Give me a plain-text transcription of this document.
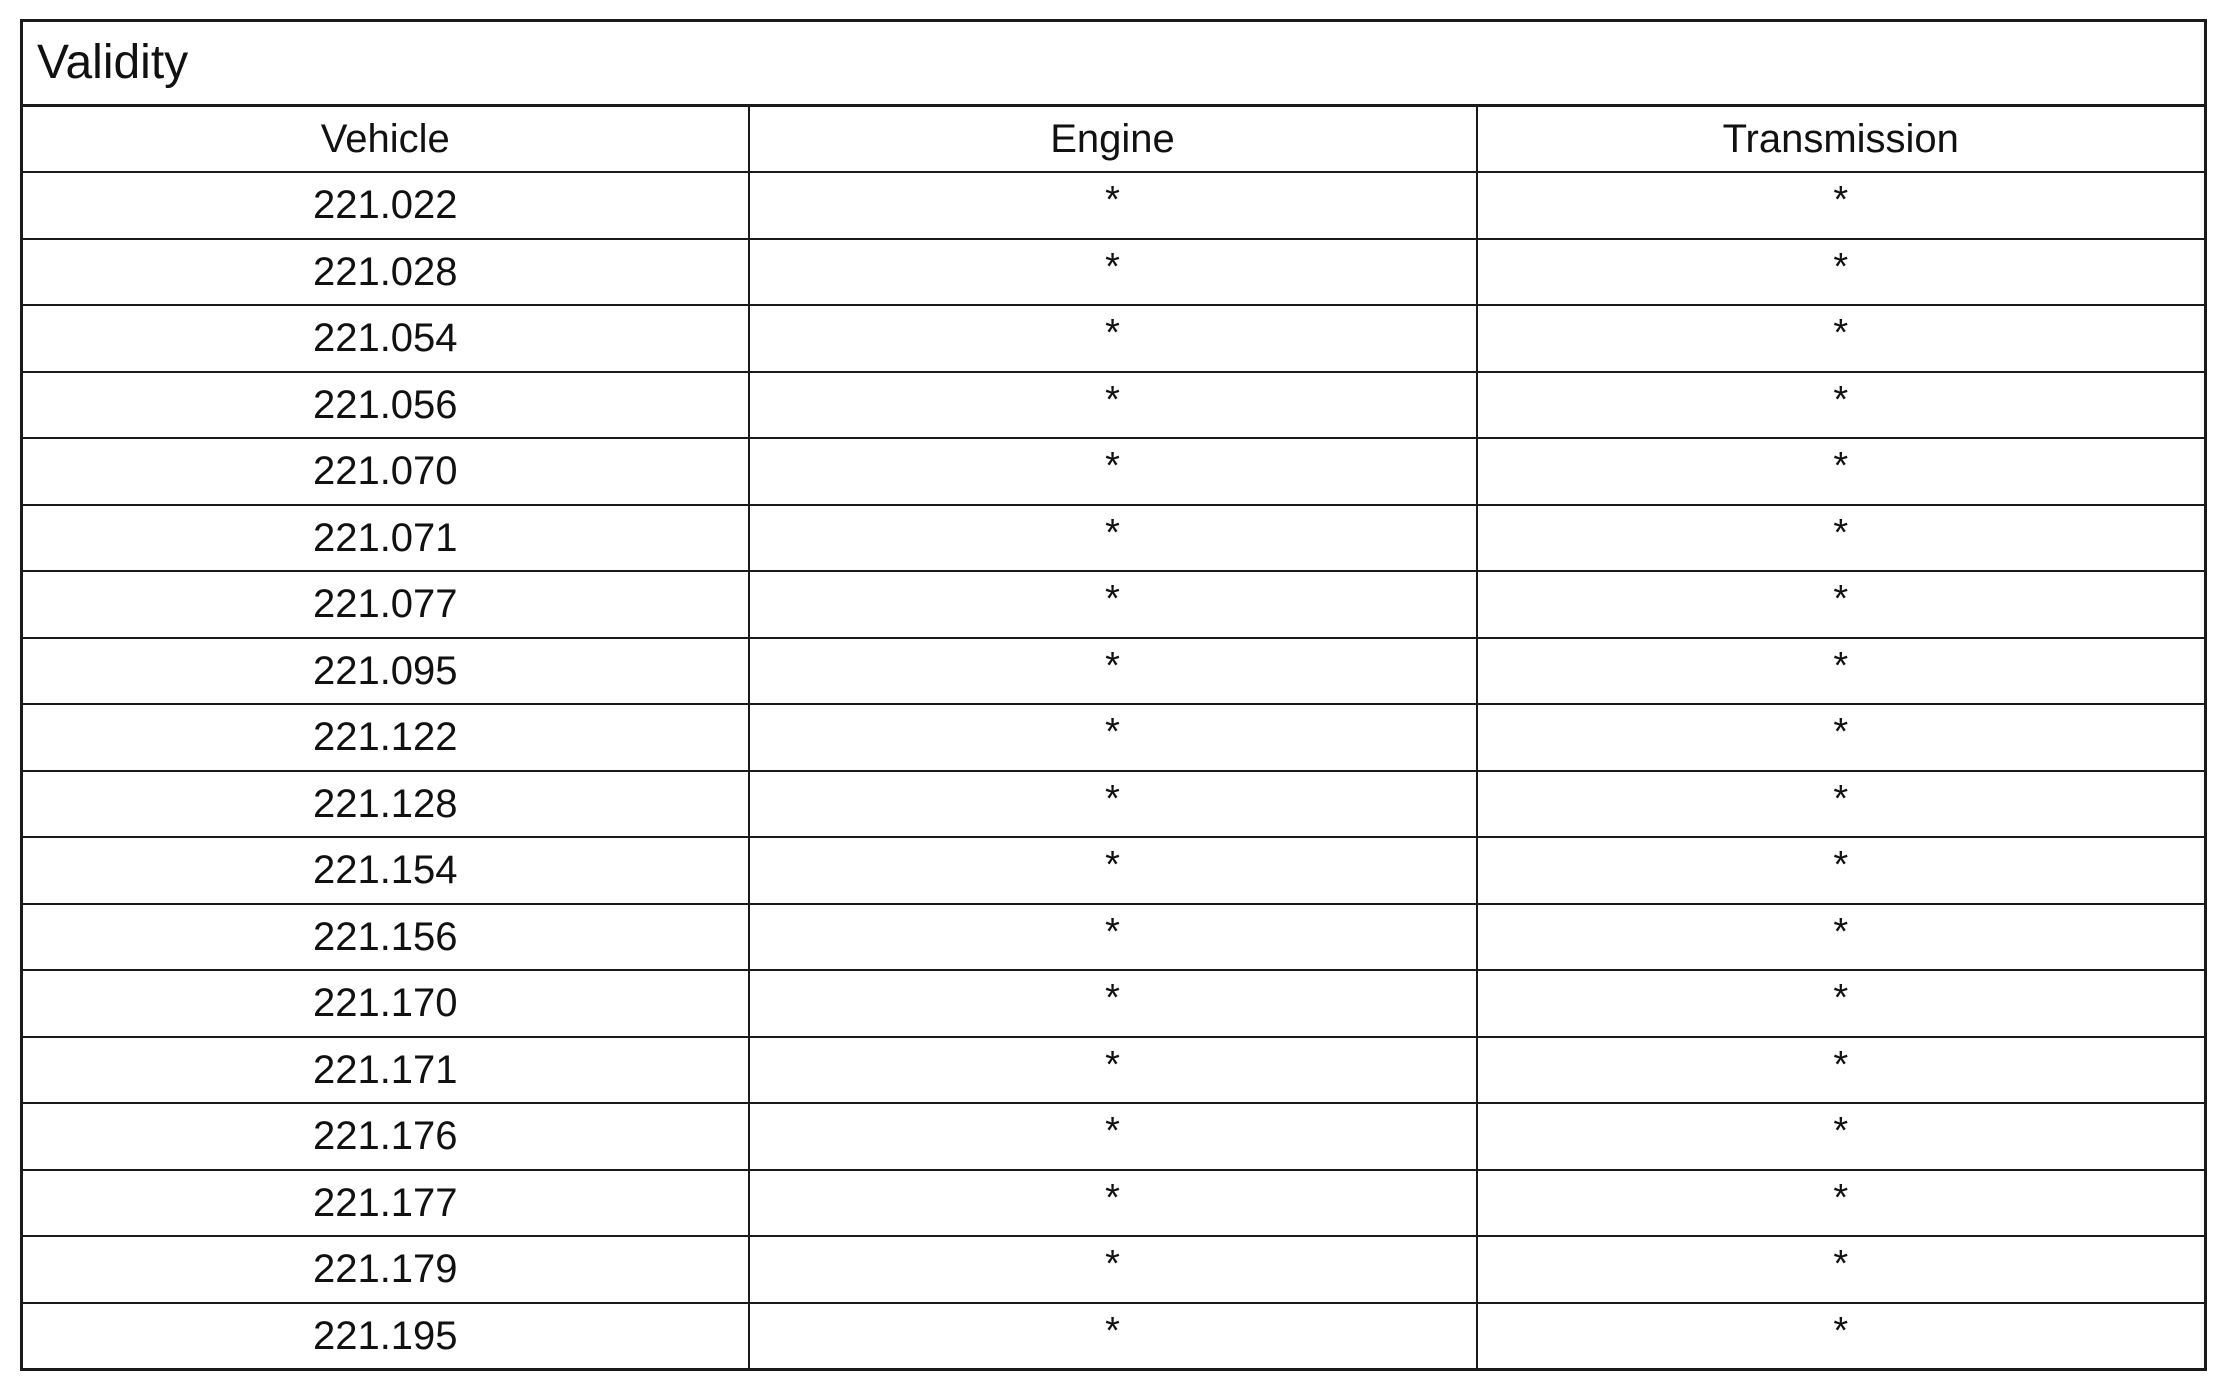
Validity		
Vehicle	Engine	Transmission
221.022	*	*
221.028	*	*
221.054	*	*
221.056	*	*
221.070	*	*
221.071	*	*
221.077	*	*
221.095	*	*
221.122	*	*
221.128	*	*
221.154	*	*
221.156	*	*
221.170	*	*
221.171	*	*
221.176	*	*
221.177	*	*
221.179	*	*
221.195	*	*
